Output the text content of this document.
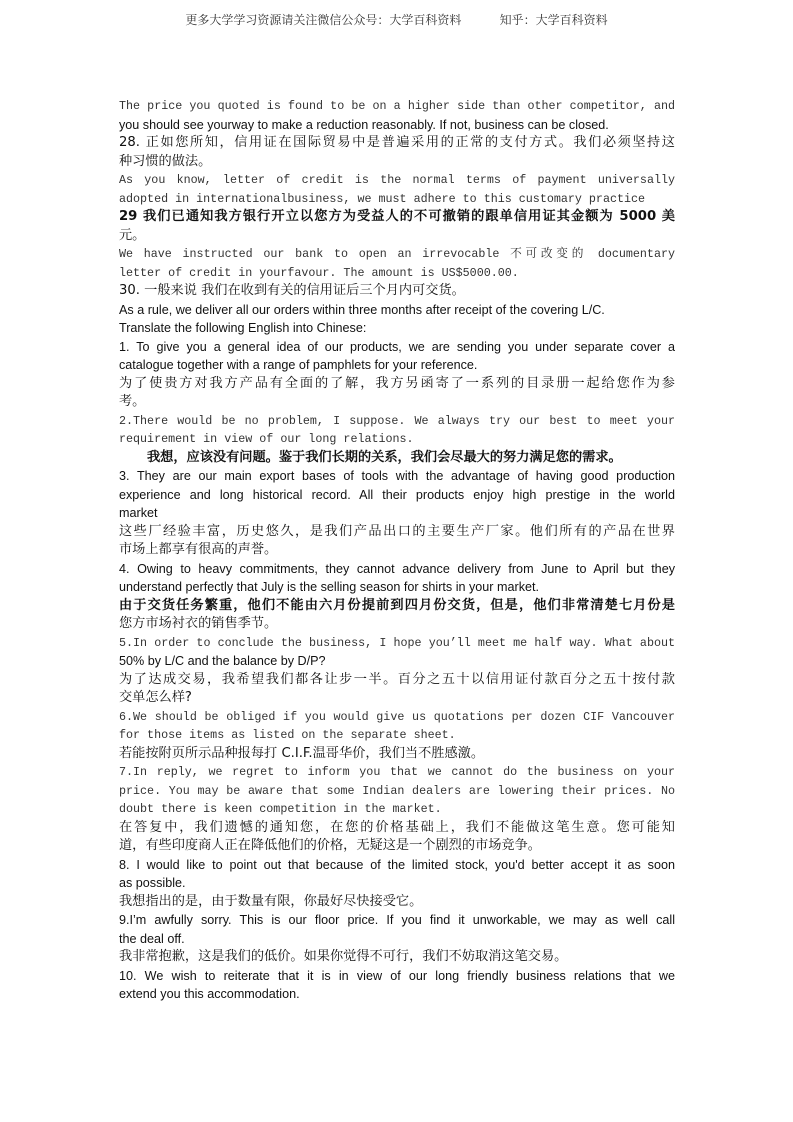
更多大学学习资源请关注微信公众号：大学百科资料          知乎：大学百科资料
The price you quoted is found to be on a higher side than other competitor, and
you should see yourway to make a reduction reasonably. If not, business can be closed.
28. 正如您所知，信用证在国际贸易中是普遍采用的正常的支付方式。我们必须坚持这
种习惯的做法。
As you know, letter of credit is the normal terms of payment universally
adopted in internationalbusiness, we must adhere to this customary practice
29 我们已通知我方银行开立以您方为受益人的不可撤销的跟单信用证其金额为 5000 美
元。
We have instructed our bank to open an irrevocable 不可改变的 documentary
letter of credit in yourfavour. The amount is US$5000.00.
30. 一般来说 我们在收到有关的信用证后三个月内可交货。
As a rule, we deliver all our orders within three months after receipt of the covering L/C.
Translate the following English into Chinese:
1. To give you a general idea of our products, we are sending you under separate cover a
catalogue together with a range of pamphlets for your reference.
为了使贵方对我方产品有全面的了解，我方另函寄了一系列的目录册一起给您作为参
考。
2.There would be no problem, I suppose. We always try our best to meet your
requirement in view of our long relations.
我想，应该没有问题。鉴于我们长期的关系，我们会尽最大的努力满足您的需求。
3. They are our main export bases of tools with the advantage of having good production
experience and long historical record. All their products enjoy high prestige in the world
market
这些厂经验丰富，历史悠久，是我们产品出口的主要生产厂家。他们所有的产品在世界
市场上都享有很高的声誉。
4. Owing to heavy commitments, they cannot advance delivery from June to April but they
understand perfectly that July is the selling season for shirts in your market.
由于交货任务繁重，他们不能由六月份提前到四月份交货，但是，他们非常清楚七月份是
您方市场衬衣的销售季节。
5.In order to conclude the business, I hope you’ll meet me half way. What about
50% by L/C and the balance by D/P?
为了达成交易，我希望我们都各让步一半。百分之五十以信用证付款百分之五十按付款
交单怎么样?
6.We should be obliged if you would give us quotations per dozen CIF Vancouver
for those items as listed on the separate sheet.
若能按附页所示品种报每打 C.I.F.温哥华价，我们当不胜感激。
7.In reply, we regret to inform you that we cannot do the business on your
price. You may be aware that some Indian dealers are lowering their prices. No
doubt there is keen competition in the market.
在答复中，我们遗憾的通知您，在您的价格基础上，我们不能做这笔生意。您可能知
道，有些印度商人正在降低他们的价格，无疑这是一个剧烈的市场竞争。
8. I would like to point out that because of the limited stock, you'd better accept it as soon
as possible.
我想指出的是，由于数量有限，你最好尽快接受它。
9.I’m awfully sorry. This is our floor price. If you find it unworkable, we may as well call
the deal off.
我非常抱歉，这是我们的低价。如果你觉得不可行，我们不妨取消这笔交易。
10. We wish to reiterate that it is in view of our long friendly business relations that we
extend you this accommodation.
